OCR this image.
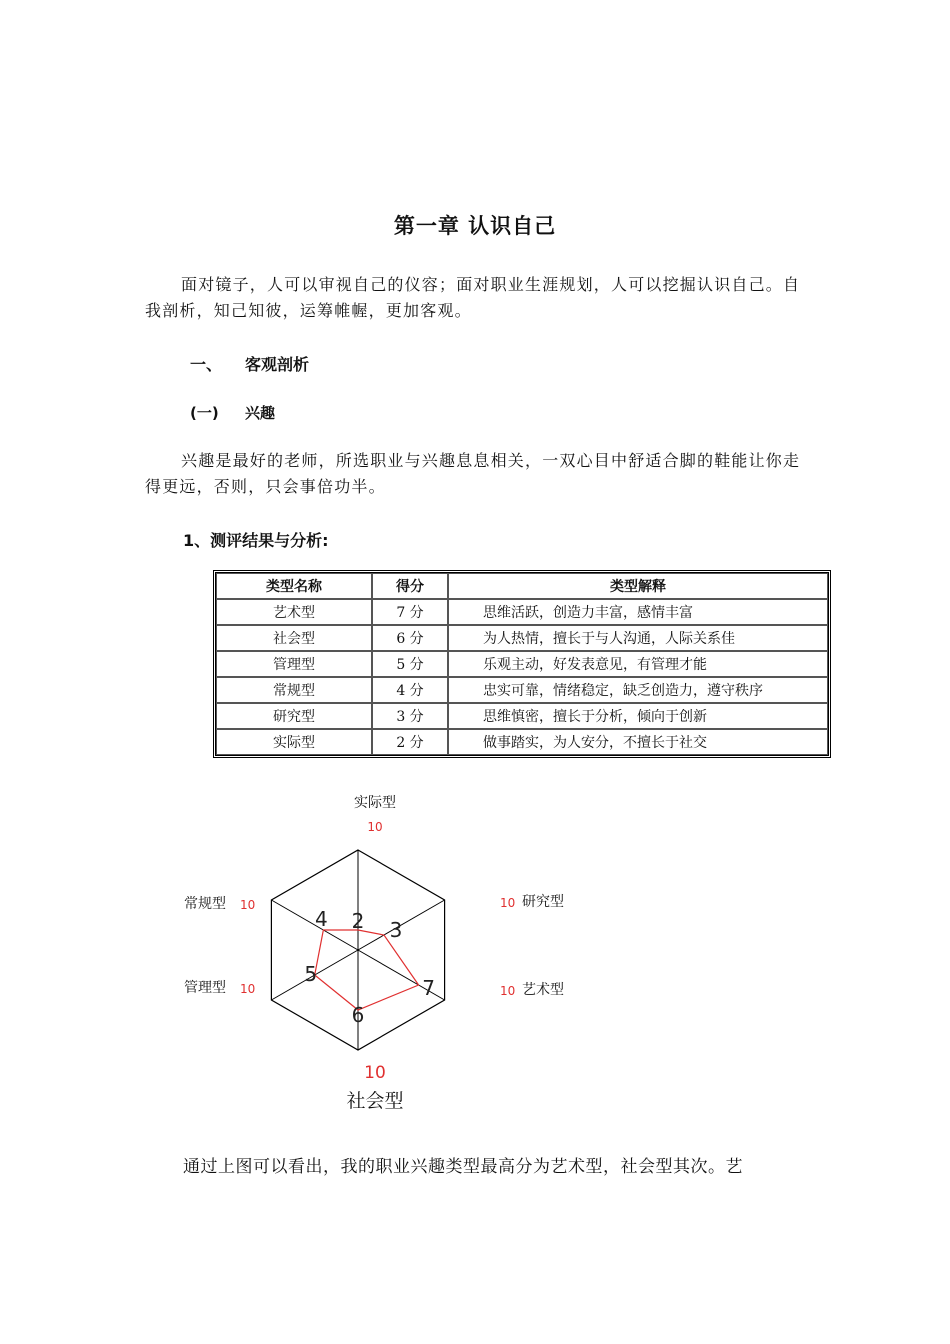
第一章 认识自己

面对镜子，人可以审视自己的仪容；面对职业生涯规划，人可以挖掘认识自己。自我剖析，知己知彼，运筹帷幄，更加客观。

一、 客观剖析
(一) 兴趣

兴趣是最好的老师，所选职业与兴趣息息相关，一双心目中舒适合脚的鞋能让你走得更远，否则，只会事倍功半。

1、测评结果与分析:
类型名称	得分	类型解释
艺术型	7 分	思维活跃，创造力丰富，感情丰富
社会型	6 分	为人热情，擅长于与人沟通，人际关系佳
管理型	5 分	乐观主动，好发表意见，有管理才能
常规型	4 分	忠实可靠，情绪稳定，缺乏创造力，遵守秩序
研究型	3 分	思维慎密，擅长于分析，倾向于创新
实际型	2 分	做事踏实，为人安分，不擅长于社交
2 3
7
6
5
4
实际型
10
研究型
10
艺术型
10
社会型
10
管理型 10
常规型 10
通过上图可以看出，我的职业兴趣类型最高分为艺术型，社会型其次。艺
